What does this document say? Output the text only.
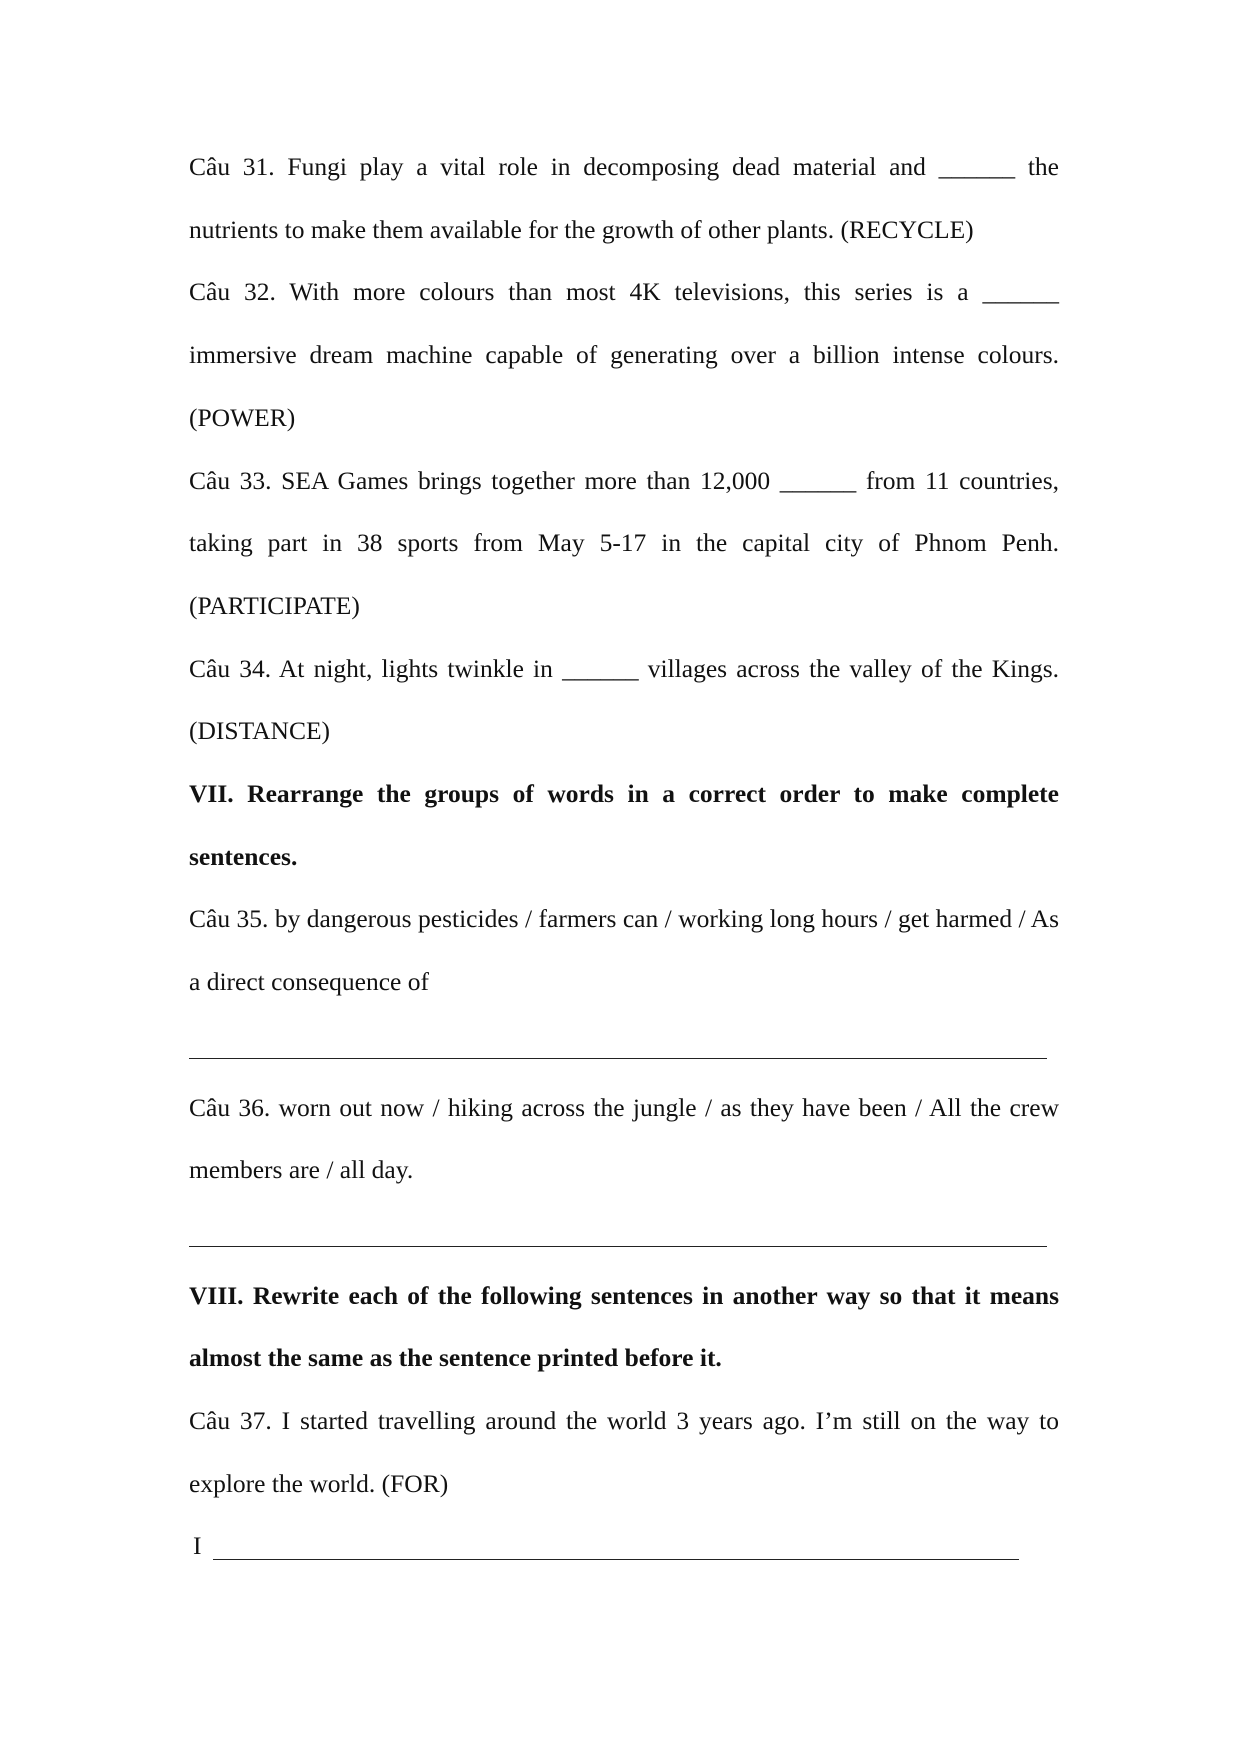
Câu 31. Fungi play a vital role in decomposing dead material and ______ the nutrients to make them available for the growth of other plants. (RECYCLE)

Câu 32. With more colours than most 4K televisions, this series is a ______ immersive dream machine capable of generating over a billion intense colours. (POWER)

Câu 33. SEA Games brings together more than 12,000 ______ from 11 countries, taking part in 38 sports from May 5-17 in the capital city of Phnom Penh. (PARTICIPATE)

Câu 34. At night, lights twinkle in ______ villages across the valley of the Kings. (DISTANCE)

VII. Rearrange the groups of words in a correct order to make complete sentences.

Câu 35. by dangerous pesticides / farmers can / working long hours / get harmed / As a direct consequence of

Câu 36. worn out now / hiking across the jungle / as they have been / All the crew members are / all day.

VIII. Rewrite each of the following sentences in another way so that it means almost the same as the sentence printed before it.

Câu 37. I started travelling around the world 3 years ago. I’m still on the way to explore the world. (FOR)

I
